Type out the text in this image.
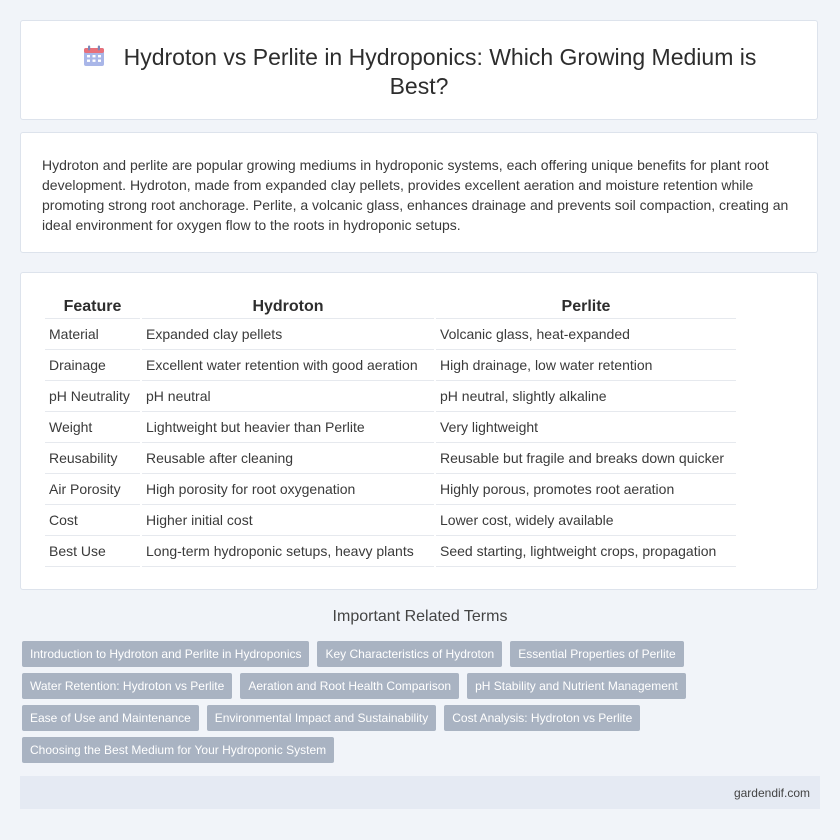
Hydroton vs Perlite in Hydroponics: Which Growing Medium is
Best?

Hydroton and perlite are popular growing mediums in hydroponic systems, each offering unique benefits for plant root development. Hydroton, made from expanded clay pellets, provides excellent aeration and moisture retention while promoting strong root anchorage. Perlite, a volcanic glass, enhances drainage and prevents soil compaction, creating an ideal environment for oxygen flow to the roots in hydroponic setups.

Feature	Hydroton	Perlite
Material	Expanded clay pellets	Volcanic glass, heat-expanded
Drainage	Excellent water retention with good aeration	High drainage, low water retention
pH Neutrality	pH neutral	pH neutral, slightly alkaline
Weight	Lightweight but heavier than Perlite	Very lightweight
Reusability	Reusable after cleaning	Reusable but fragile and breaks down quicker
Air Porosity	High porosity for root oxygenation	Highly porous, promotes root aeration
Cost	Higher initial cost	Lower cost, widely available
Best Use	Long-term hydroponic setups, heavy plants	Seed starting, lightweight crops, propagation
Important Related Terms
Introduction to Hydroton and Perlite in Hydroponics	Key Characteristics of Hydroton	Essential Properties of Perlite
Water Retention: Hydroton vs Perlite	Aeration and Root Health Comparison	pH Stability and Nutrient Management
Ease of Use and Maintenance	Environmental Impact and Sustainability	Cost Analysis: Hydroton vs Perlite
Choosing the Best Medium for Your Hydroponic System
gardendif.com
